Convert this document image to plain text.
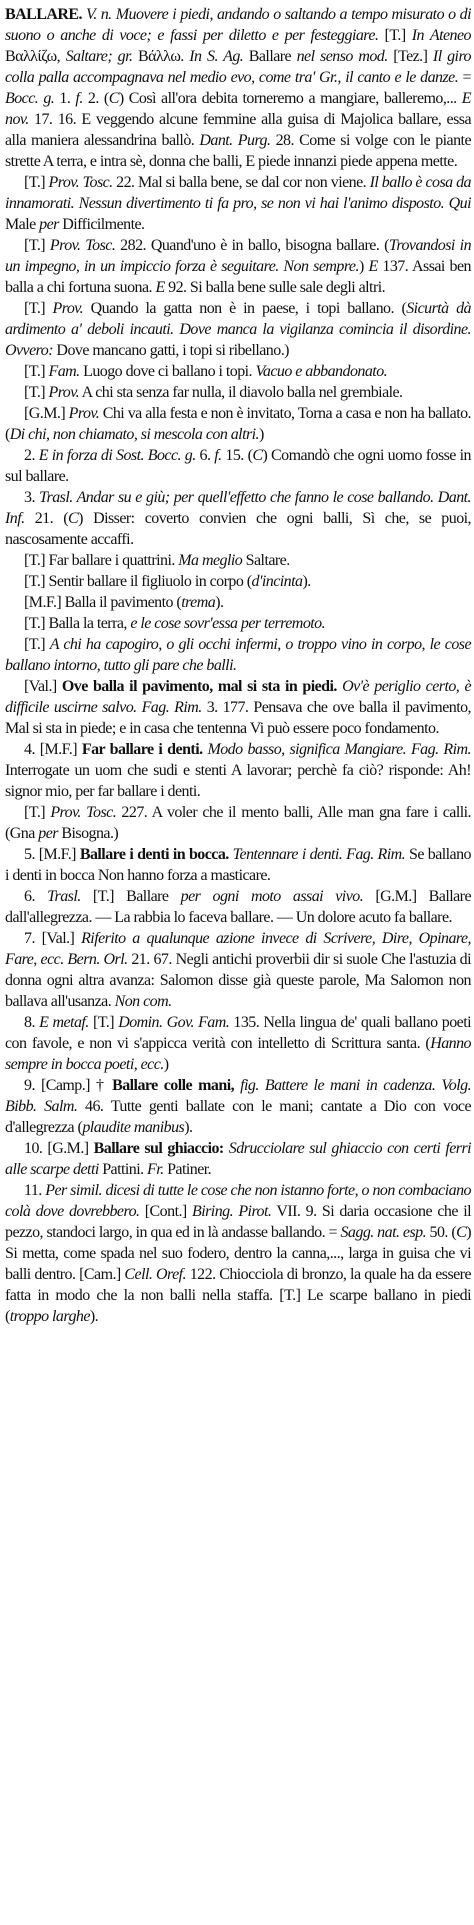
BALLARE. V. n. Muovere i piedi, andando o saltando a tempo misurato o di suono o anche di voce; e fassi per diletto e per festeggiare. [T.] In Ateneo Βαλλίζω, Saltare; gr. Βάλλω. In S. Ag. Ballare nel senso mod. [Tez.] Il giro colla palla accompagnava nel medio evo, come tra' Gr., il canto e le danze. = Bocc. g. 1. f. 2. (C) Così all'ora debita torneremo a mangiare, balleremo,... E nov. 17. 16. E veggendo alcune femmine alla guisa di Majolica ballare, essa alla maniera alessandrina ballò. Dant. Purg. 28. Come si volge con le piante strette A terra, e intra sè, donna che balli, E piede innanzi piede appena mette.

[T.] Prov. Tosc. 22. Mal si balla bene, se dal cor non viene. Il ballo è cosa da innamorati. Nessun divertimento ti fa pro, se non vi hai l'animo disposto. Qui Male per Difficilmente.

[T.] Prov. Tosc. 282. Quand'uno è in ballo, bisogna ballare. (Trovandosi in un impegno, in un impiccio forza è seguitare. Non sempre.) E 137. Assai ben balla a chi fortuna suona. E 92. Si balla bene sulle sale degli altri.

[T.] Prov. Quando la gatta non è in paese, i topi ballano. (Sicurtà dà ardimento a' deboli incauti. Dove manca la vigilanza comincia il disordine. Ovvero: Dove mancano gatti, i topi si ribellano.)

[T.] Fam. Luogo dove ci ballano i topi. Vacuo e abbandonato.

[T.] Prov. A chi sta senza far nulla, il diavolo balla nel grembiale.

[G.M.] Prov. Chi va alla festa e non è invitato, Torna a casa e non ha ballato. (Di chi, non chiamato, si mescola con altri.)

2. E in forza di Sost. Bocc. g. 6. f. 15. (C) Comandò che ogni uomo fosse in sul ballare.

3. Trasl. Andar su e giù; per quell'effetto che fanno le cose ballando. Dant. Inf. 21. (C) Disser: coverto convien che ogni balli, Sì che, se puoi, nascosamente accaffi.

[T.] Far ballare i quattrini. Ma meglio Saltare.

[T.] Sentir ballare il figliuolo in corpo (d'incinta).

[M.F.] Balla il pavimento (trema).

[T.] Balla la terra, e le cose sovr'essa per terremoto.

[T.] A chi ha capogiro, o gli occhi infermi, o troppo vino in corpo, le cose ballano intorno, tutto gli pare che balli.

[Val.] Ove balla il pavimento, mal si sta in piedi. Ov'è periglio certo, è difficile uscirne salvo. Fag. Rim. 3. 177. Pensava che ove balla il pavimento, Mal si sta in piede; e in casa che tentenna Vi può essere poco fondamento.

4. [M.F.] Far ballare i denti. Modo basso, significa Mangiare. Fag. Rim. Interrogate un uom che sudi e stenti A lavorar; perchè fa ciò? risponde: Ah! signor mio, per far ballare i denti.

[T.] Prov. Tosc. 227. A voler che il mento balli, Alle man gna fare i calli. (Gna per Bisogna.)

5. [M.F.] Ballare i denti in bocca. Tentennare i denti. Fag. Rim. Se ballano i denti in bocca Non hanno forza a masticare.

6. Trasl. [T.] Ballare per ogni moto assai vivo. [G.M.] Ballare dall'allegrezza. — La rabbia lo faceva ballare. — Un dolore acuto fa ballare.

7. [Val.] Riferito a qualunque azione invece di Scrivere, Dire, Opinare, Fare, ecc. Bern. Orl. 21. 67. Negli antichi proverbii dir si suole Che l'astuzia di donna ogni altra avanza: Salomon disse già queste parole, Ma Salomon non ballava all'usanza. Non com.

8. E metaf. [T.] Domin. Gov. Fam. 135. Nella lingua de' quali ballano poeti con favole, e non vi s'appicca verità con intelletto di Scrittura santa. (Hanno sempre in bocca poeti, ecc.)

9. [Camp.] † Ballare colle mani, fig. Battere le mani in cadenza. Volg. Bibb. Salm. 46. Tutte genti ballate con le mani; cantate a Dio con voce d'allegrezza (plaudite manibus).

10. [G.M.] Ballare sul ghiaccio: Sdrucciolare sul ghiaccio con certi ferri alle scarpe detti Pattini. Fr. Patiner.

11. Per simil. dicesi di tutte le cose che non istanno forte, o non combaciano colà dove dovrebbero. [Cont.] Biring. Pirot. VII. 9. Si daria occasione che il pezzo, standoci largo, in qua ed in là andasse ballando. = Sagg. nat. esp. 50. (C) Si metta, come spada nel suo fodero, dentro la canna,..., larga in guisa che vi balli dentro. [Cam.] Cell. Oref. 122. Chiocciola di bronzo, la quale ha da essere fatta in modo che la non balli nella staffa. [T.] Le scarpe ballano in piedi (troppo larghe).
